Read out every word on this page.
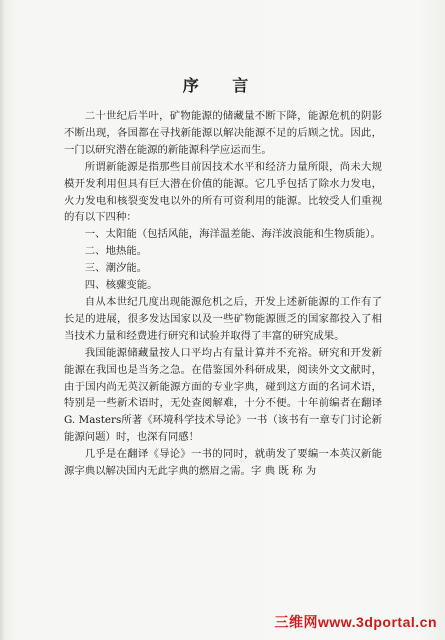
序 言

二十世纪后半叶，矿物能源的储藏量不断下降，能源危机的阴影不断出现，各国都在寻找新能源以解决能源不足的后顾之忧。因此，一门以研究潜在能源的新能源科学应运而生。

所谓新能源是指那些目前因技术水平和经济力量所限，尚未大规模开发利用但具有巨大潜在价值的能源。它几乎包括了除水力发电，火力发电和核裂变发电以外的所有可资利用的能源。比较受人们重视的有以下四种：

一、太阳能（包括风能，海洋温差能、海洋波浪能和生物质能）。

二、地热能。

三、潮汐能。

四、核骤变能。

自从本世纪几度出现能源危机之后，开发上述新能源的工作有了长足的进展，很多发达国家以及一些矿物能源匮乏的国家都投入了相当技术力量和经费进行研究和试验并取得了丰富的研究成果。

我国能源储藏量按人口平均占有量计算并不充裕。研究和开发新能源在我国也是当务之急。在借鉴国外科研成果，阅读外文文献时，由于国内尚无英汉新能源方面的专业字典，碰到这方面的名词术语，特别是一些新术语时，无处查阅解难，十分不便。十年前编者在翻译G. Masters所著《环境科学技术导论》一书（该书有一章专门讨论新能源问题）时，也深有同感！

几乎是在翻译《导论》一书的同时，就萌发了要编一本英汉新能源字典以解决国内无此字典的燃眉之需。字 典 既 称 为

三维网www.3dportal.cn
